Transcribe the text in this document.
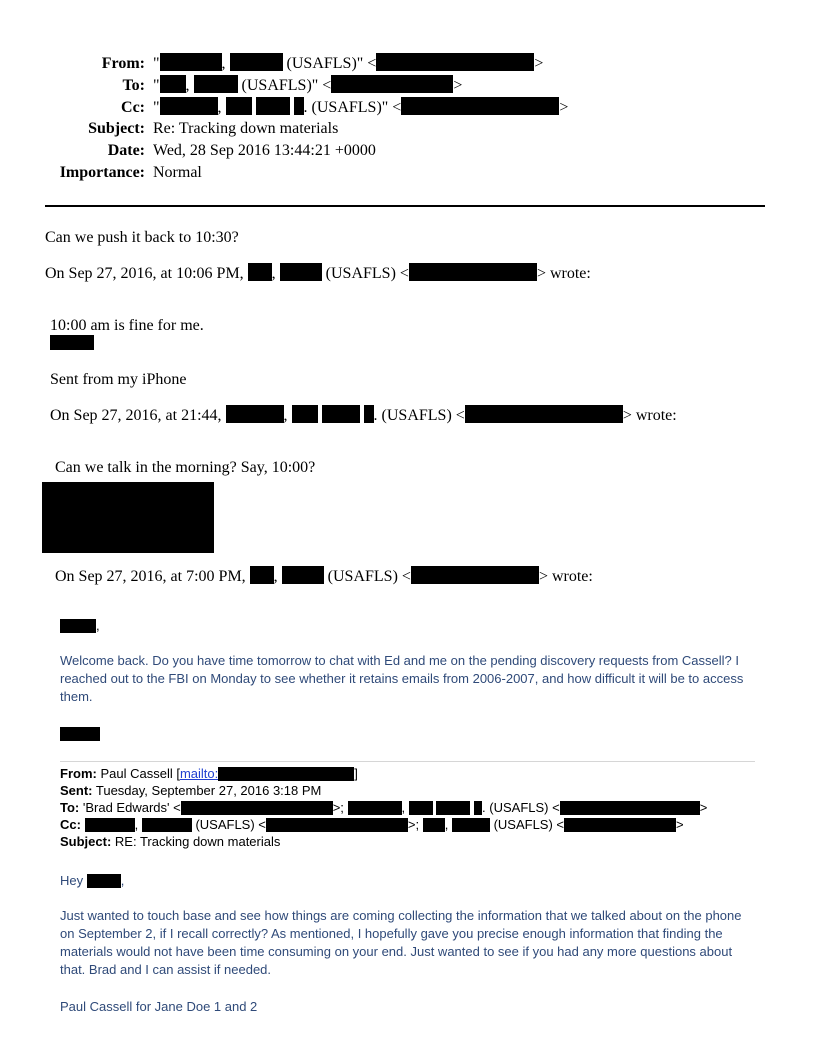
From:  "	,	(USAFLS)" <	>
To:  " ,	(USAFLS)" <	>
Cc:  "	,	. (USAFLS)" <	>
Subject: Re: Tracking down materials
Date: Wed, 28 Sep 2016 13:44:21 +0000
Importance: Normal
Can we push it back to 10:30?
On Sep 27, 2016, at 10:06 PM, ,	(USAFLS) <	> wrote:
10:00 am is fine for me.
Sent from my iPhone
On Sep 27, 2016, at 21:44,	,	. (USAFLS) <	> wrote:
Can we talk in the morning? Say, 10:00?
On Sep 27, 2016, at 7:00 PM, ,	(USAFLS) <	> wrote:
,
Welcome back. Do you have time tomorrow to chat with Ed and me on the pending discovery requests from Cassell? I reached out to the FBI on Monday to see whether it retains emails from 2006-2007, and how difficult it will be to access them.
From: Paul Cassell [mailto:	]
Sent: Tuesday, September 27, 2016 3:18 PM
To: 'Brad Edwards' <	>;	,	. (USAFLS) <	>
Cc:	,	(USAFLS) <	>; ,	(USAFLS) <	>
Subject: RE: Tracking down materials
Hey	,
Just wanted to touch base and see how things are coming collecting the information that we talked about on the phone on September 2, if I recall correctly? As mentioned, I hopefully gave you precise enough information that finding the materials would not have been time consuming on your end. Just wanted to see if you had any more questions about that. Brad and I can assist if needed.
Paul Cassell for Jane Doe 1 and 2
